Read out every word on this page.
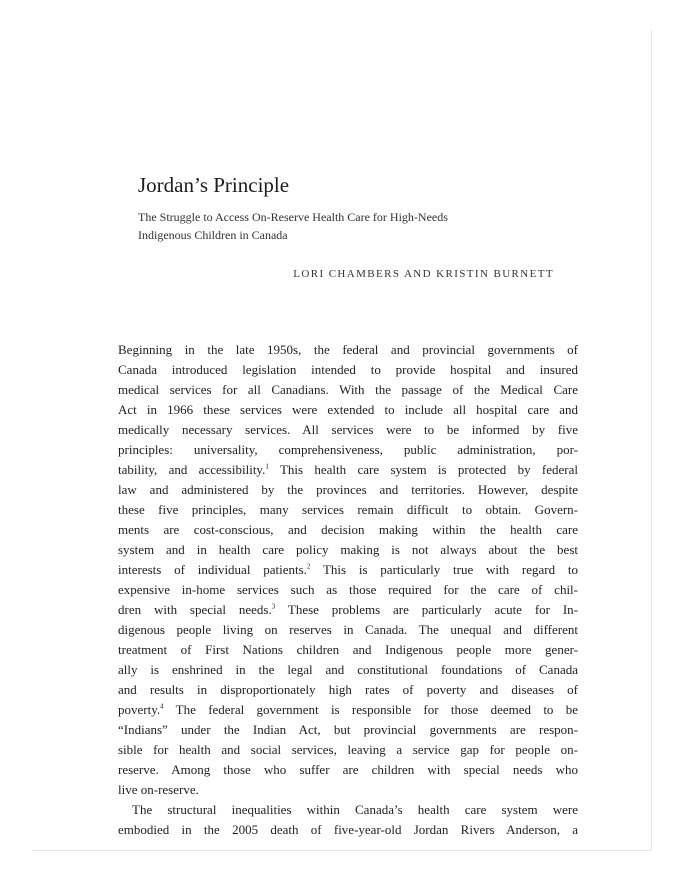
Jordan’s Principle
The Struggle to Access On-Reserve Health Care for High-Needs
Indigenous Children in Canada
LORI CHAMBERS AND KRISTIN BURNETT
Beginning in the late 1950s, the federal and provincial governments of
Canada introduced legislation intended to provide hospital and insured
medical services for all Canadians. With the passage of the Medical Care
Act in 1966 these services were extended to include all hospital care and
medically necessary services. All services were to be informed by five
principles: universality, comprehensiveness, public administration, por-
tability, and accessibility.$^1$ This health care system is protected by federal
law and administered by the provinces and territories. However, despite
these five principles, many services remain difficult to obtain. Govern-
ments are cost-conscious, and decision making within the health care
system and in health care policy making is not always about the best
interests of individual patients.$^2$ This is particularly true with regard to
expensive in-home services such as those required for the care of chil-
dren with special needs.$^3$ These problems are particularly acute for In-
digenous people living on reserves in Canada. The unequal and different
treatment of First Nations children and Indigenous people more gener-
ally is enshrined in the legal and constitutional foundations of Canada
and results in disproportionately high rates of poverty and diseases of
poverty.$^4$ The federal government is responsible for those deemed to be
“Indians” under the Indian Act, but provincial governments are respon-
sible for health and social services, leaving a service gap for people on-
reserve. Among those who suffer are children with special needs who
live on-reserve.
The structural inequalities within Canada’s health care system were
embodied in the 2005 death of five-year-old Jordan Rivers Anderson, a
